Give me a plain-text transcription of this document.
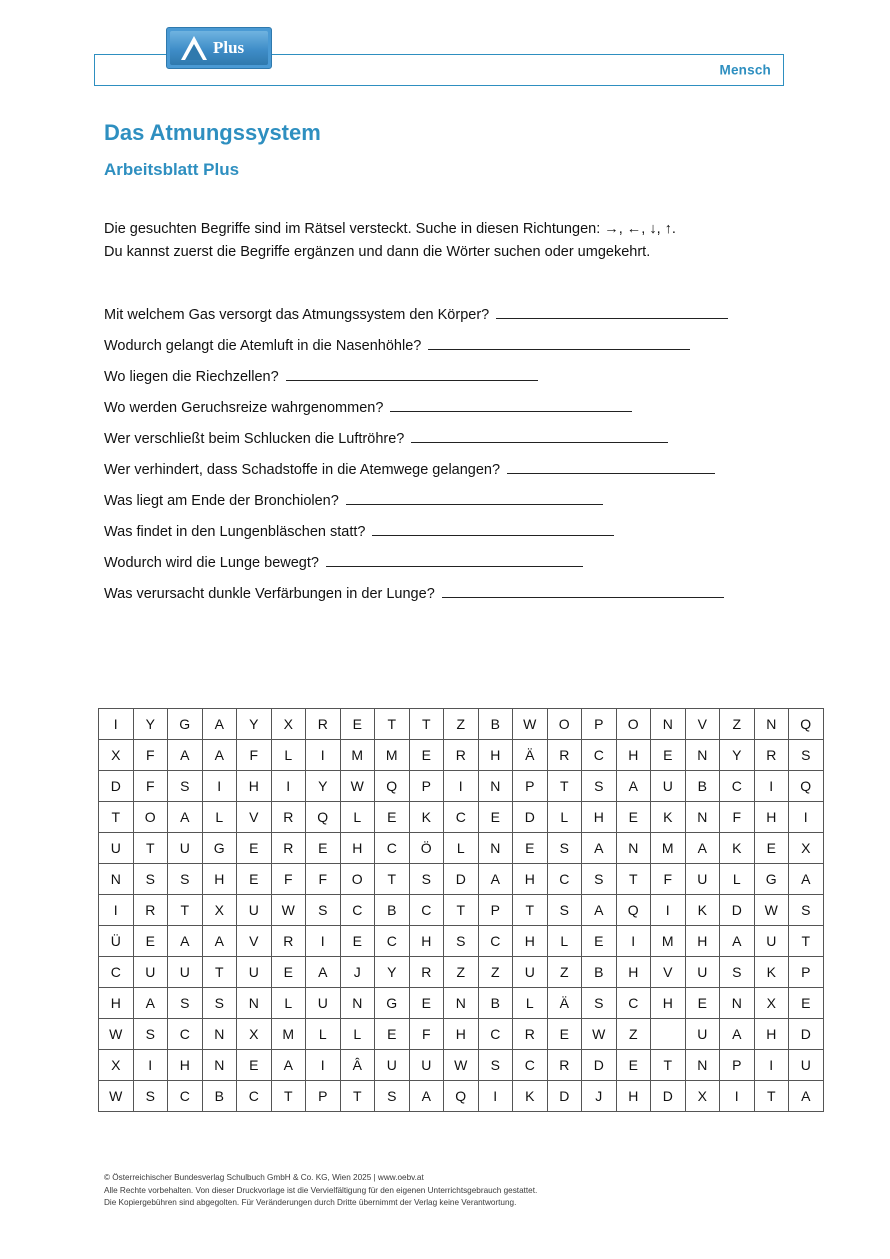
Mensch
Plus
Das Atmungssystem
Arbeitsblatt Plus
Die gesuchten Begriffe sind im Rätsel versteckt. Suche in diesen Richtungen: →, ←, ↓, ↑.
Du kannst zuerst die Begriffe ergänzen und dann die Wörter suchen oder umgekehrt.
Mit welchem Gas versorgt das Atmungssystem den Körper?
Wodurch gelangt die Atemluft in die Nasenhöhle?
Wo liegen die Riechzellen?
Wo werden Geruchsreize wahrgenommen?
Wer verschließt beim Schlucken die Luftröhre?
Wer verhindert, dass Schadstoffe in die Atemwege gelangen?
Was liegt am Ende der Bronchiolen?
Was findet in den Lungenbläschen statt?
Wodurch wird die Lunge bewegt?
Was verursacht dunkle Verfärbungen in der Lunge?
I	Y	G	A	Y	X	R	E	T	T	Z	B	W	O	P	O	N	V	Z	N	Q
X	F	A	A	F	L	I	M	M	E	R	H	Ä	R	C	H	E	N	Y	R	S
D	F	S	I	H	I	Y	W	Q	P	I	N	P	T	S	A	U	B	C	I	Q
T	O	A	L	V	R	Q	L	E	K	C	E	D	L	H	E	K	N	F	H	I
U	T	U	G	E	R	E	H	C	Ö	L	N	E	S	A	N	M	A	K	E	X
N	S	S	H	E	F	F	O	T	S	D	A	H	C	S	T	F	U	L	G	A
I	R	T	X	U	W	S	C	B	C	T	P	T	S	A	Q	I	K	D	W	S
Ü	E	A	A	V	R	I	E	C	H	S	C	H	L	E	I	M	H	A	U	T
C	U	U	T	U	E	A	J	Y	R	Z	Z	U	Z	B	H	V	U	S	K	P
H	A	S	S	N	L	U	N	G	E	N	B	L	Ä	S	C	H	E	N	X	E
W	S	C	N	X	M	L	L	E	F	H	C	R	E	W	Z		U	A	H	D
X	I	H	N	E	A	I	Â	U	U	W	S	C	R	D	E	T	N	P	I	U
W	S	C	B	C	T	P	T	S	A	Q	I	K	D	J	H	D	X	I	T	A
© Österreichischer Bundesverlag Schulbuch GmbH & Co. KG, Wien 2025 | www.oebv.at
Alle Rechte vorbehalten. Von dieser Druckvorlage ist die Vervielfältigung für den eigenen Unterrichtsgebrauch gestattet.
Die Kopiergebühren sind abgegolten. Für Veränderungen durch Dritte übernimmt der Verlag keine Verantwortung.
